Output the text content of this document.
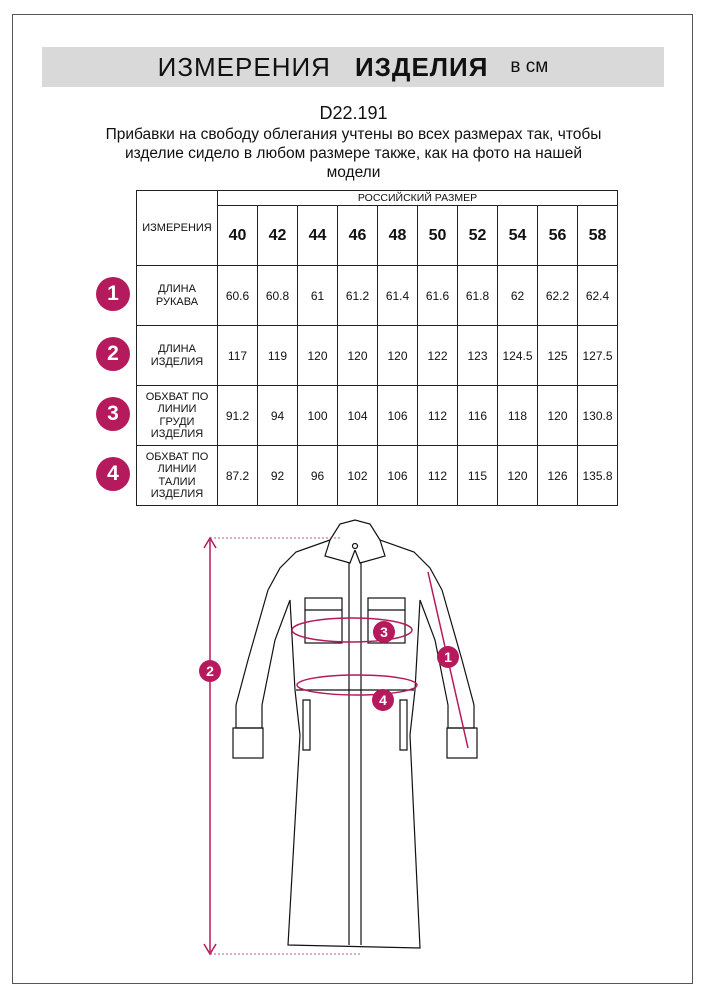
ИЗМЕРЕНИЯ ИЗДЕЛИЯ в см
D22.191
Прибавки на свободу облегания учтены во всех размерах так, чтобы изделие сидело в любом размере также, как на фото на нашей модели
ИЗМЕРЕНИЯ	РОССИЙСКИЙ РАЗМЕР									
	40	42	44	46	48	50	52	54	56	58

ДЛИНА
РУКАВА	60.6	60.8	61	61.2	61.4	61.6	61.8	62	62.2	62.4

ДЛИНА
ИЗДЕЛИЯ	117	119	120	120	120	122	123	124.5	125	127.5

ОБХВАТ ПО
ЛИНИИ
ГРУДИ
ИЗДЕЛИЯ	91.2	94	100	104	106	112	116	118	120	130.8

ОБХВАТ ПО
ЛИНИИ
ТАЛИИ
ИЗДЕЛИЯ	87.2	92	96	102	106	112	115	120	126	135.8
1
2
3
4
2
1
3
4
